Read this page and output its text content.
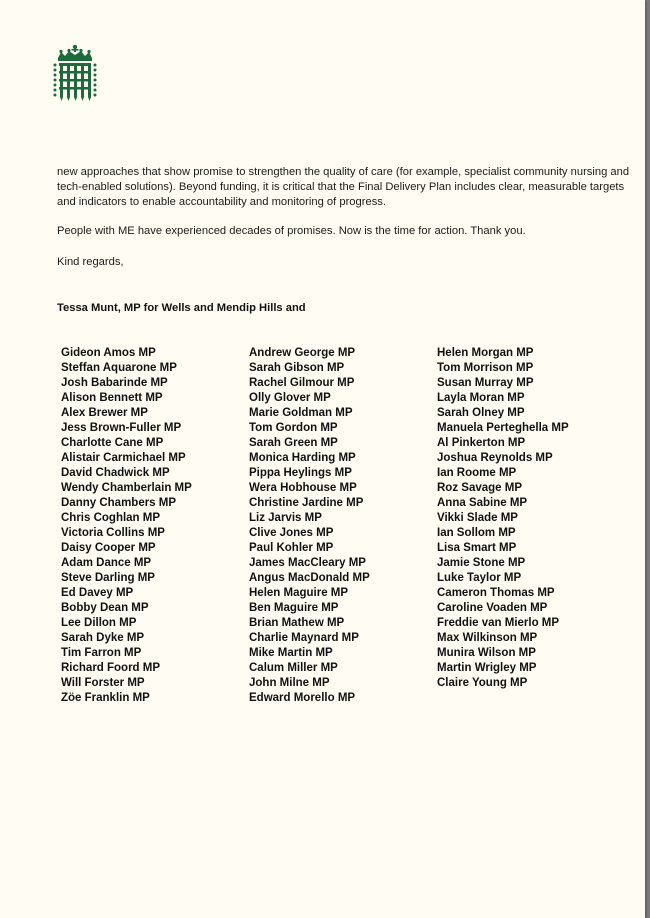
new approaches that show promise to strengthen the quality of care (for example, specialist community nursing and tech-enabled solutions). Beyond funding, it is critical that the Final Delivery Plan includes clear, measurable targets and indicators to enable accountability and monitoring of progress.

People with ME have experienced decades of promises. Now is the time for action. Thank you.

Kind regards,
Tessa Munt, MP for Wells and Mendip Hills and
Gideon Amos MP
Steffan Aquarone MP
Josh Babarinde MP
Alison Bennett MP
Alex Brewer MP
Jess Brown-Fuller MP
Charlotte Cane MP
Alistair Carmichael MP
David Chadwick MP
Wendy Chamberlain MP
Danny Chambers MP
Chris Coghlan MP
Victoria Collins MP
Daisy Cooper MP
Adam Dance MP
Steve Darling MP
Ed Davey MP
Bobby Dean MP
Lee Dillon MP
Sarah Dyke MP
Tim Farron MP
Richard Foord MP
Will Forster MP
Zöe Franklin MP
Andrew George MP
Sarah Gibson MP
Rachel Gilmour MP
Olly Glover MP
Marie Goldman MP
Tom Gordon MP
Sarah Green MP
Monica Harding MP
Pippa Heylings MP
Wera Hobhouse MP
Christine Jardine MP
Liz Jarvis MP
Clive Jones MP
Paul Kohler MP
James MacCleary MP
Angus MacDonald MP
Helen Maguire MP
Ben Maguire MP
Brian Mathew MP
Charlie Maynard MP
Mike Martin MP
Calum Miller MP
John Milne MP
Edward Morello MP
Helen Morgan MP
Tom Morrison MP
Susan Murray MP
Layla Moran MP
Sarah Olney MP
Manuela Perteghella MP
Al Pinkerton MP
Joshua Reynolds MP
Ian Roome MP
Roz Savage MP
Anna Sabine MP
Vikki Slade MP
Ian Sollom MP
Lisa Smart MP
Jamie Stone MP
Luke Taylor MP
Cameron Thomas MP
Caroline Voaden MP
Freddie van Mierlo MP
Max Wilkinson MP
Munira Wilson MP
Martin Wrigley MP
Claire Young MP
